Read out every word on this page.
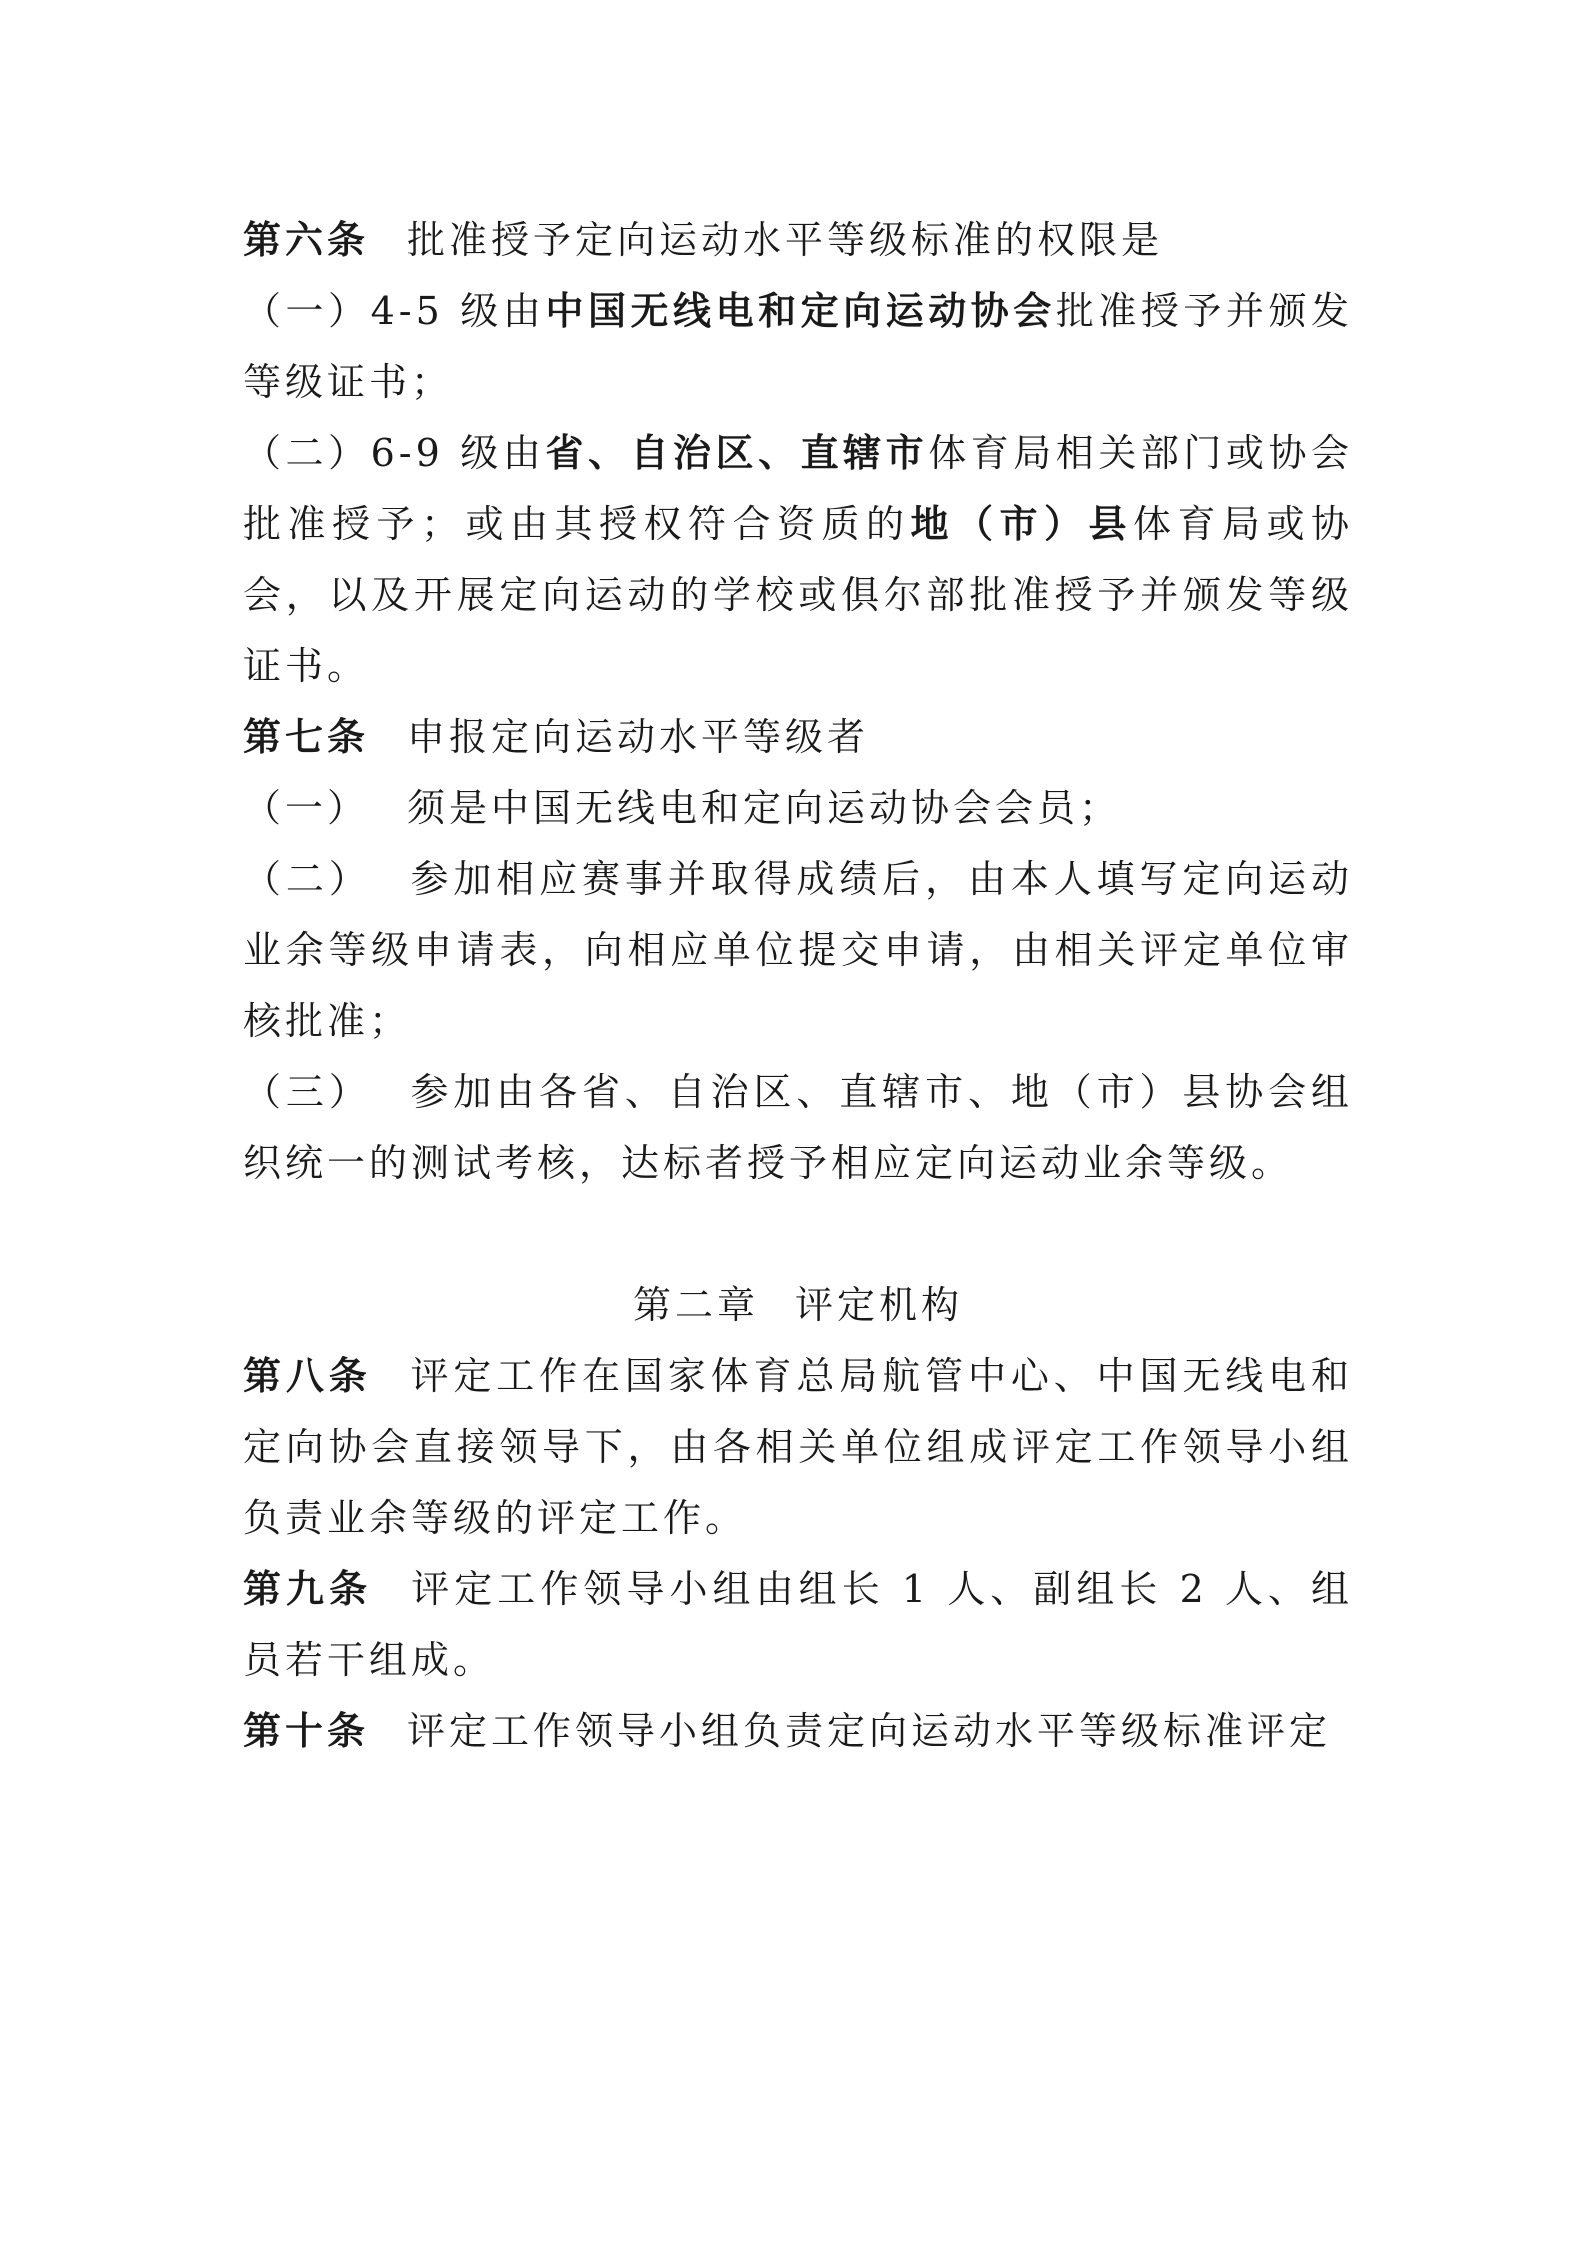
第六条 批准授予定向运动水平等级标准的权限是

（一）4-5 级由中国无线电和定向运动协会批准授予并颁发等级证书；

（二）6-9 级由省、自治区、直辖市体育局相关部门或协会批准授予；或由其授权符合资质的地（市）县体育局或协会，以及开展定向运动的学校或俱尔部批准授予并颁发等级证书。

第七条 申报定向运动水平等级者

（一） 须是中国无线电和定向运动协会会员；

（二） 参加相应赛事并取得成绩后，由本人填写定向运动业余等级申请表，向相应单位提交申请，由相关评定单位审核批准；

（三） 参加由各省、自治区、直辖市、地（市）县协会组织统一的测试考核，达标者授予相应定向运动业余等级。

第二章 评定机构

第八条 评定工作在国家体育总局航管中心、中国无线电和定向协会直接领导下，由各相关单位组成评定工作领导小组负责业余等级的评定工作。

第九条 评定工作领导小组由组长 1 人、副组长 2 人、组员若干组成。

第十条 评定工作领导小组负责定向运动水平等级标准评定
